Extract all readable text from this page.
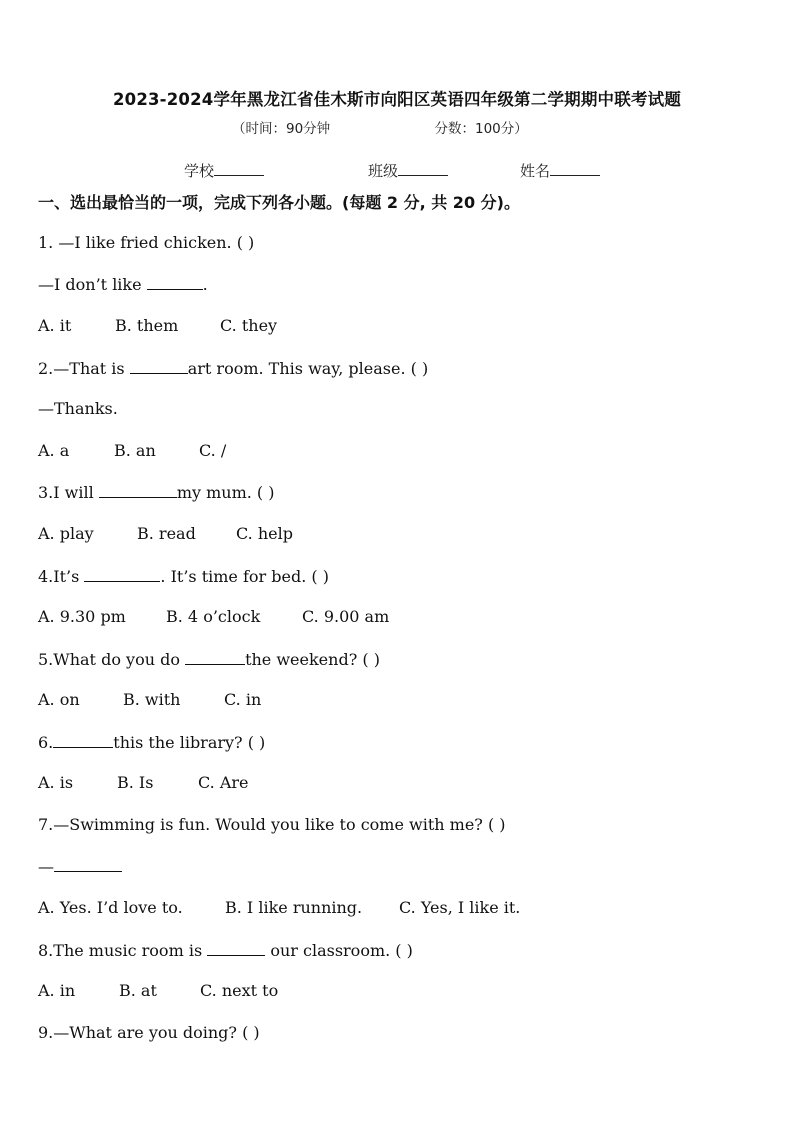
2023-2024学年黑龙江省佳木斯市向阳区英语四年级第二学期期中联考试题
（时间：90分钟	分数：100分）
学校	班级	姓名
一、选出最恰当的一项，完成下列各小题。(每题 2 分, 共 20 分)。
1. —I like fried chicken. ( )
—I don’t like	.
A. it	B. them	C. they
2.—That is	art room. This way, please. ( )
—Thanks.
A. a	B. an	C. /
3.I will	my mum. ( )
A. play	B. read	C. help
4.It’s	. It’s time for bed. ( )
A. 9.30 pm	B. 4 o’clock	C. 9.00 am
5.What do you do	the weekend? ( )
A. on	B. with	C. in
6.	this the library? ( )
A. is	B. Is	C. Are
7.—Swimming is fun. Would you like to come with me? ( )
—
A. Yes. I’d love to.	B. I like running. C. Yes, I like it.
8.The music room is	our classroom. ( )
A. in	B. at	C. next to
9.—What are you doing? ( )
